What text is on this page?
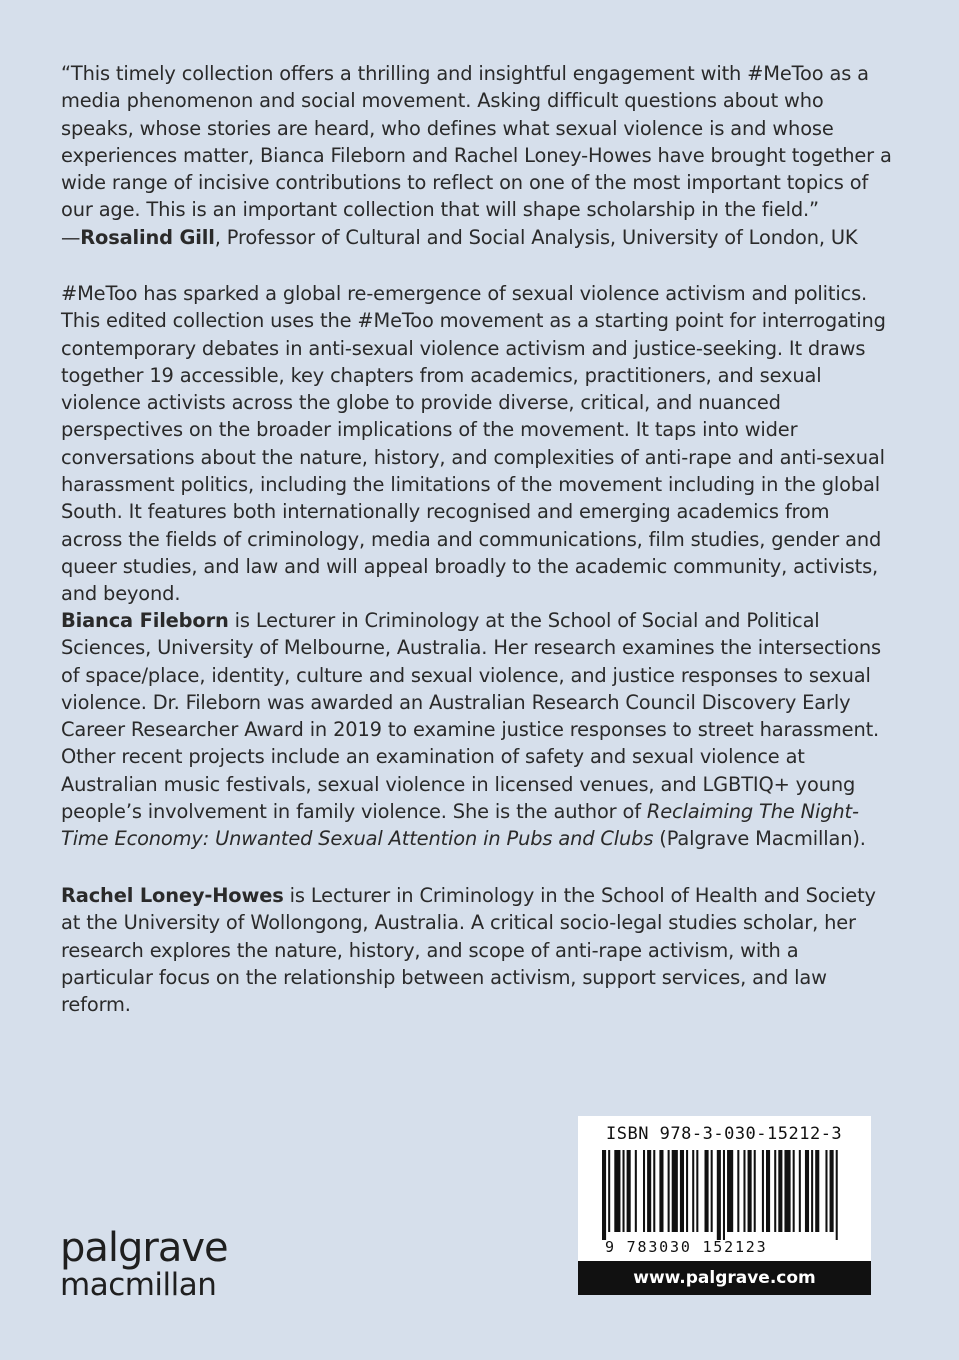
“This timely collection offers a thrilling and insightful engagement with #MeToo as a media phenomenon and social movement. Asking difficult questions about who speaks, whose stories are heard, who defines what sexual violence is and whose experiences matter, Bianca Fileborn and Rachel Loney-Howes have brought together a wide range of incisive contributions to reflect on one of the most important topics of our age. This is an important collection that will shape scholarship in the field.”
—Rosalind Gill, Professor of Cultural and Social Analysis, University of London, UK

#MeToo has sparked a global re-emergence of sexual violence activism and politics. This edited collection uses the #MeToo movement as a starting point for interrogating contemporary debates in anti-sexual violence activism and justice-seeking. It draws together 19 accessible, key chapters from academics, practitioners, and sexual violence activists across the globe to provide diverse, critical, and nuanced perspectives on the broader implications of the movement. It taps into wider conversations about the nature, history, and complexities of anti-rape and anti-sexual harassment politics, including the limitations of the movement including in the global South. It features both internationally recognised and emerging academics from across the fields of criminology, media and communications, film studies, gender and queer studies, and law and will appeal broadly to the academic community, activists, and beyond.

Bianca Fileborn is Lecturer in Criminology at the School of Social and Political Sciences, University of Melbourne, Australia. Her research examines the intersections of space/place, identity, culture and sexual violence, and justice responses to sexual violence. Dr. Fileborn was awarded an Australian Research Council Discovery Early Career Researcher Award in 2019 to examine justice responses to street harassment. Other recent projects include an examination of safety and sexual violence at Australian music festivals, sexual violence in licensed venues, and LGBTIQ+ young people’s involvement in family violence. She is the author of Reclaiming The Night-Time Economy: Unwanted Sexual Attention in Pubs and Clubs (Palgrave Macmillan).

Rachel Loney-Howes is Lecturer in Criminology in the School of Health and Society at the University of Wollongong, Australia. A critical socio-legal studies scholar, her research explores the nature, history, and scope of anti-rape activism, with a particular focus on the relationship between activism, support services, and law reform.

palgrave
macmillan
ISBN 978-3-030-15212-3
9 783030 152123
www.palgrave.com
